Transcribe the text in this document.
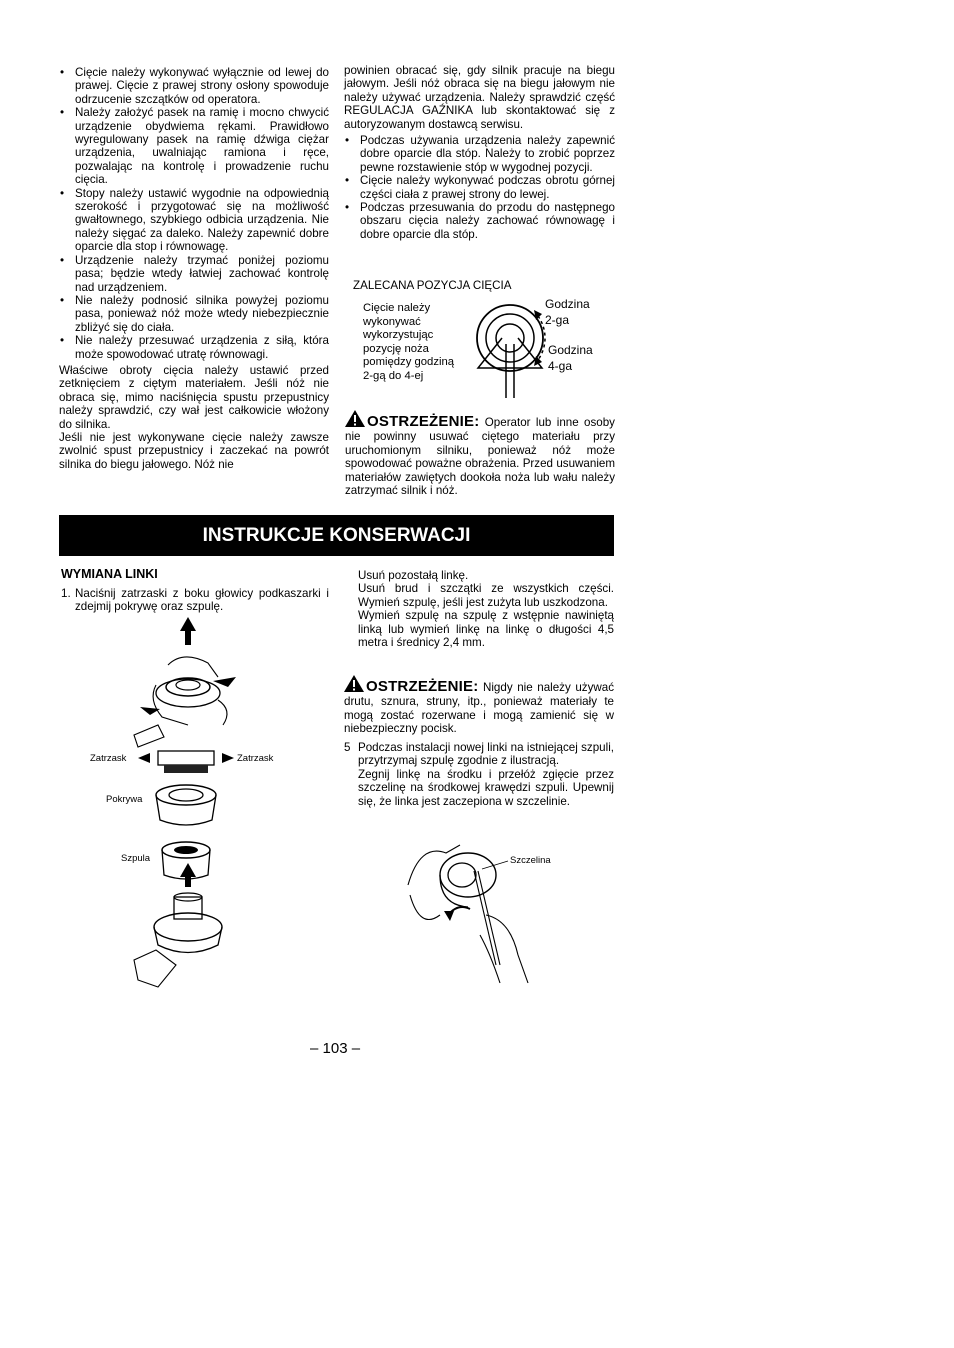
• Cięcie należy wykonywać wyłącznie od lewej do prawej. Cięcie z prawej strony osłony spowoduje odrzucenie szczątków od operatora.
• Należy założyć pasek na ramię i mocno chwycić urządzenie obydwiema rękami. Prawidłowo wyregulowany pasek na ramię dźwiga ciężar urządzenia, uwalniając ramiona i ręce, pozwalając na kontrolę i prowadzenie ruchu cięcia.
• Stopy należy ustawić wygodnie na odpowiednią szerokość i przygotować się na możliwość gwałtownego, szybkiego odbicia urządzenia. Nie należy sięgać za daleko. Należy zapewnić dobre oparcie dla stop i równowagę.
• Urządzenie należy trzymać poniżej poziomu pasa; będzie wtedy łatwiej zachować kontrolę nad urządzeniem.
• Nie należy podnosić silnika powyżej poziomu pasa, ponieważ nóż może wtedy niebezpiecznie zbliżyć się do ciała.
• Nie należy przesuwać urządzenia z siłą, która może spowodować utratę równowagi.

Właściwe obroty cięcia należy ustawić przed zetknięciem z ciętym materiałem. Jeśli nóż nie obraca się, mimo naciśnięcia spustu przepustnicy należy sprawdzić, czy wał jest całkowicie włożony do silnika.

Jeśli nie jest wykonywane cięcie należy zawsze zwolnić spust przepustnicy i zaczekać na powrót silnika do biegu jałowego. Nóż nie

powinien obracać się, gdy silnik pracuje na biegu jałowym. Jeśli nóż obraca się na biegu jałowym nie należy używać urządzenia. Należy sprawdzić część REGULACJA GAŹNIKA lub skontaktować się z autoryzowanym dostawcą serwisu.

• Podczas używania urządzenia należy zapewnić dobre oparcie dla stóp. Należy to zrobić poprzez pewne rozstawienie stóp w wygodnej pozycji.
• Cięcie należy wykonywać podczas obrotu górnej części ciała z prawej strony do lewej.
• Podczas przesuwania do przodu do następnego obszaru cięcia należy zachować równowagę i dobre oparcie dla stóp.
ZALECANA POZYCJA CIĘCIA
Cięcie należy
wykonywać
wykorzystując
pozycję noża
pomiędzy godziną
2-gą do 4-ej
Godzina
2-ga
Godzina
4-ga
OSTRZEŻENIE: Operator lub inne osoby nie powinny usuwać ciętego materiału przy uruchomionym silniku, ponieważ nóż może spowodować poważne obrażenia. Przed usuwaniem materiałów zawiętych dookoła noża lub wału należy zatrzymać silnik i nóż.
INSTRUKCJE KONSERWACJI
WYMIANA LINKI
1. Naciśnij zatrzaski z boku głowicy podkaszarki i zdejmij pokrywę oraz szpulę.
Zatrzask	Zatrzask
Pokrywa
Szpula

Usuń pozostałą linkę.

Usuń brud i szczątki ze wszystkich części. Wymień szpulę, jeśli jest zużyta lub uszkodzona.

Wymień szpulę na szpulę z wstępnie nawiniętą linką lub wymień linkę na linkę o długości 4,5 metra i średnicy 2,4 mm.

OSTRZEŻENIE: Nigdy nie należy używać drutu, sznura, struny, itp., ponieważ materiały te mogą zostać rozerwane i mogą zamienić się w niebezpieczny pocisk.
5 Podczas instalacji nowej linki na istniejącej szpuli, przytrzymaj szpulę zgodnie z ilustracją.

Zegnij linkę na środku i przełóż zgięcie przez szczelinę na środkowej krawędzi szpuli. Upewnij się, że linka jest zaczepiona w szczelinie.

Szczelina
– 103 –
